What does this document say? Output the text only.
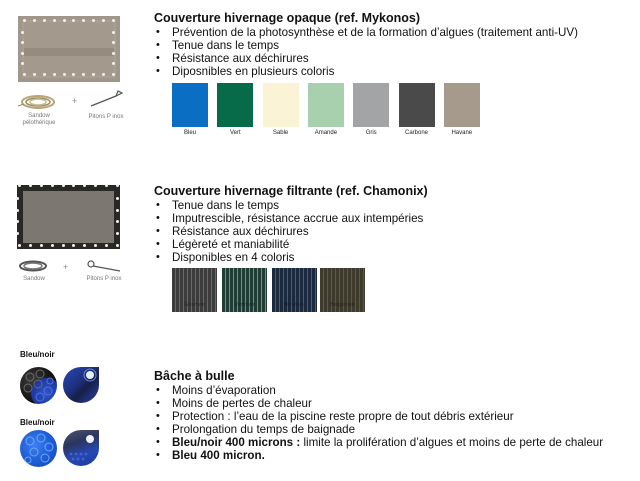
+
Sandow
pélothérique
Pitons P inox
Couverture hivernage opaque (ref. Mykonos)
• Prévention de la photosynthèse et de la formation d’algues (traitement anti-UV)
• Tenue dans le temps
• Résistance aux déchirures
• Diposnibles en plusieurs coloris
Bleu	Vert	Sable	Amande	Gris	Carbone	Havane
+
Sandow	Pitons P inox
Couverture hivernage filtrante (ref. Chamonix)
• Tenue dans le temps
• Imputrescible, résistance accrue aux intempéries
• Résistance aux déchirures
• Légèreté et maniabilité
• Disponibles en 4 coloris
Gris/noir	Vert/noir	Bleu/noir	Beige/noir
Bleu/noir
Bleu/noir
Bâche à bulle
• Moins d’évaporation
• Moins de pertes de chaleur
• Protection : l’eau de la piscine reste propre de tout débris extérieur
• Prolongation du temps de baignade
• Bleu/noir 400 microns : limite la prolifération d’algues et moins de perte de chaleur
• Bleu 400 micron.
